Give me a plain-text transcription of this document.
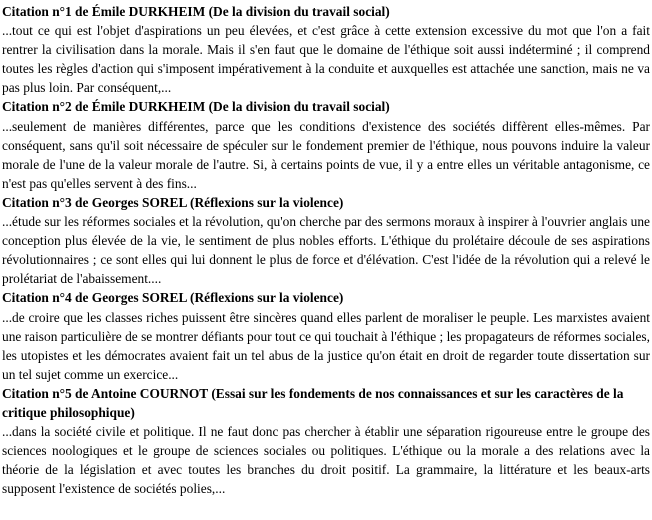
Citation n°1 de Émile DURKHEIM (De la division du travail social)
...tout ce qui est l'objet d'aspirations un peu élevées, et c'est grâce à cette extension excessive du mot que l'on a fait rentrer la civilisation dans la morale. Mais il s'en faut que le domaine de l'éthique soit aussi indéterminé ; il comprend toutes les règles d'action qui s'imposent impérativement à la conduite et auxquelles est attachée une sanction, mais ne va pas plus loin. Par conséquent,...
Citation n°2 de Émile DURKHEIM (De la division du travail social)
...seulement de manières différentes, parce que les conditions d'existence des sociétés diffèrent elles-mêmes. Par conséquent, sans qu'il soit nécessaire de spéculer sur le fondement premier de l'éthique, nous pouvons induire la valeur morale de l'une de la valeur morale de l'autre. Si, à certains points de vue, il y a entre elles un véritable antagonisme, ce n'est pas qu'elles servent à des fins...
Citation n°3 de Georges SOREL (Réflexions sur la violence)
...étude sur les réformes sociales et la révolution, qu'on cherche par des sermons moraux à inspirer à l'ouvrier anglais une conception plus élevée de la vie, le sentiment de plus nobles efforts. L'éthique du prolétaire découle de ses aspirations révolutionnaires ; ce sont elles qui lui donnent le plus de force et d'élévation. C'est l'idée de la révolution qui a relevé le prolétariat de l'abaissement....
Citation n°4 de Georges SOREL (Réflexions sur la violence)
...de croire que les classes riches puissent être sincères quand elles parlent de moraliser le peuple. Les marxistes avaient une raison particulière de se montrer défiants pour tout ce qui touchait à l'éthique ; les propagateurs de réformes sociales, les utopistes et les démocrates avaient fait un tel abus de la justice qu'on était en droit de regarder toute dissertation sur un tel sujet comme un exercice...
Citation n°5 de Antoine COURNOT (Essai sur les fondements de nos connaissances et sur les caractères de la critique philosophique)
...dans la société civile et politique. Il ne faut donc pas chercher à établir une séparation rigoureuse entre le groupe des sciences noologiques et le groupe de sciences sociales ou politiques. L'éthique ou la morale a des relations avec la théorie de la législation et avec toutes les branches du droit positif. La grammaire, la littérature et les beaux-arts supposent l'existence de sociétés polies,...
